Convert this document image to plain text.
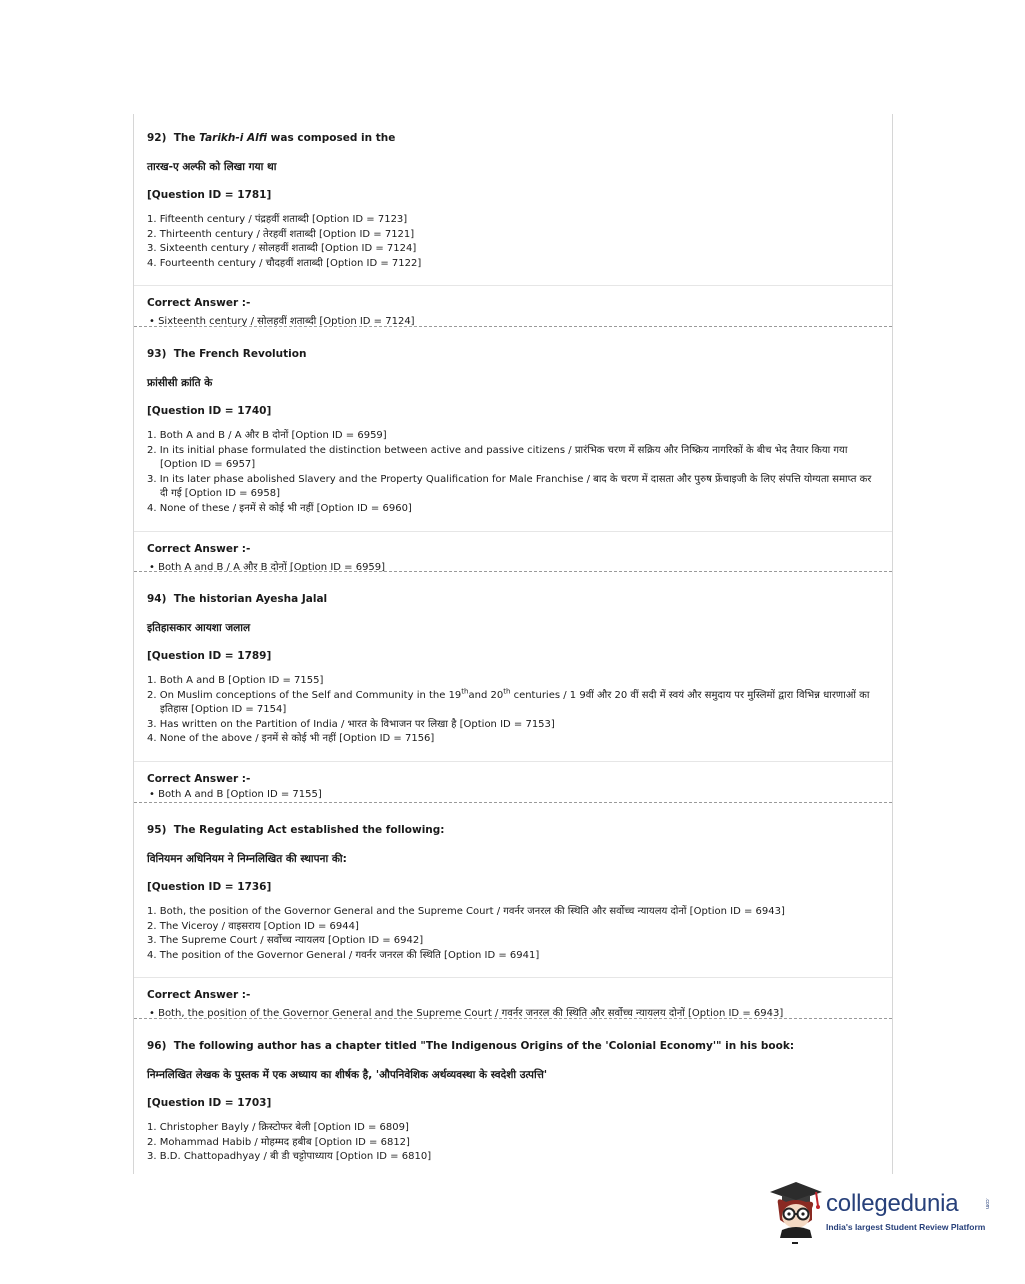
92) The Tarikh-i Alfi was composed in the
तारख-ए अल्फी को लिखा गया था
[Question ID = 1781]
1. Fifteenth century / पंद्रहवीं शताब्दी [Option ID = 7123]
2. Thirteenth century / तेरहवीं शताब्दी [Option ID = 7121]
3. Sixteenth century / सोलहवीं शताब्दी [Option ID = 7124]
4. Fourteenth century / चौदहवीं शताब्दी [Option ID = 7122]
Correct Answer :-
• Sixteenth century / सोलहवीं शताब्दी [Option ID = 7124]
93) The French Revolution
फ्रांसीसी क्रांति के
[Question ID = 1740]
1. Both A and B / A और B दोनों [Option ID = 6959]
2. In its initial phase formulated the distinction between active and passive citizens / प्रारंभिक चरण में सक्रिय और निष्क्रिय नागरिकों के बीच भेद तैयार किया गया [Option ID = 6957]
3. In its later phase abolished Slavery and the Property Qualification for Male Franchise / बाद के चरण में दासता और पुरुष फ्रेंचाइजी के लिए संपत्ति योग्यता समाप्त कर दी गई [Option ID = 6958]
4. None of these / इनमें से कोई भी नहीं [Option ID = 6960]
Correct Answer :-
• Both A and B / A और B दोनों [Option ID = 6959]
94) The historian Ayesha Jalal
इतिहासकार आयशा जलाल
[Question ID = 1789]
1. Both A and B [Option ID = 7155]
2. On Muslim conceptions of the Self and Community in the 19thand 20th centuries / 1 9वीं और 20 वीं सदी में स्वयं और समुदाय पर मुस्लिमों द्वारा विभिन्न धारणाओं का इतिहास [Option ID = 7154]
3. Has written on the Partition of India / भारत के विभाजन पर लिखा है [Option ID = 7153]
4. None of the above / इनमें से कोई भी नहीं [Option ID = 7156]
Correct Answer :-
• Both A and B [Option ID = 7155]
95) The Regulating Act established the following:
विनियमन अधिनियम ने निम्नलिखित की स्थापना की:
[Question ID = 1736]
1. Both, the position of the Governor General and the Supreme Court / गवर्नर जनरल की स्थिति और सर्वोच्च न्यायलय दोनों [Option ID = 6943]
2. The Viceroy / वाइसराय [Option ID = 6944]
3. The Supreme Court / सर्वोच्च न्यायलय [Option ID = 6942]
4. The position of the Governor General / गवर्नर जनरल की स्थिति [Option ID = 6941]
Correct Answer :-
• Both, the position of the Governor General and the Supreme Court / गवर्नर जनरल की स्थिति और सर्वोच्च न्यायलय दोनों [Option ID = 6943]
96) The following author has a chapter titled "The Indigenous Origins of the 'Colonial Economy'" in his book:
निम्नलिखित लेखक के पुस्तक में एक अध्याय का शीर्षक है, 'औपनिवेशिक अर्थव्यवस्था के स्वदेशी उत्पत्ति'
[Question ID = 1703]
1. Christopher Bayly / क्रिस्टोफर बेली [Option ID = 6809]
2. Mohammad Habib / मोहम्मद हबीब [Option ID = 6812]
3. B.D. Chattopadhyay / बी डी चट्टोपाध्याय [Option ID = 6810]
collegedunia	.com
India's largest Student Review Platform
